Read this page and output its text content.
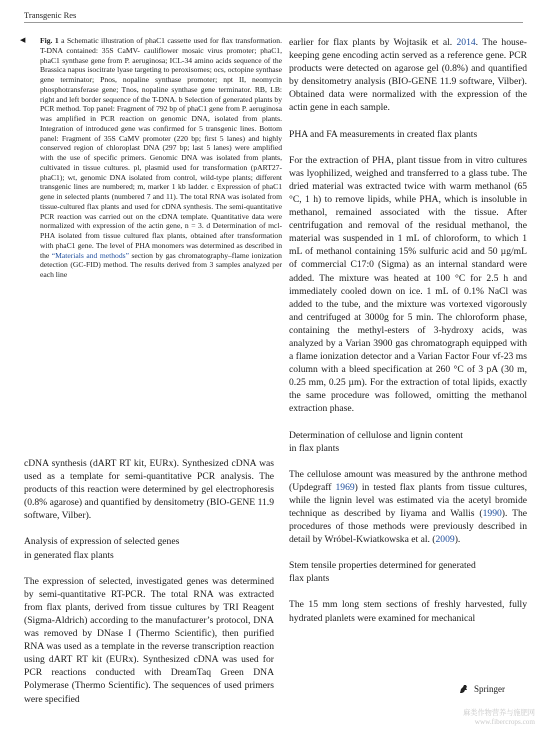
Transgenic Res
◀ Fig. 1 a Schematic illustration of phaC1 cassette used for flax transformation. T-DNA contained: 35S CaMV- cauliflower mosaic virus promoter; phaC1, phaC1 synthase gene from P. aeruginosa; ICL-34 amino acids sequence of the Brassica napus isocitrate lyase targeting to peroxisomes; ocs, octopine synthase gene terminator; Pnos, nopaline synthase promoter; npt II, neomycin phosphotransferase gene; Tnos, nopaline synthase gene terminator. RB, LB: right and left border sequence of the T-DNA. b Selection of generated plants by PCR method. Top panel: Fragment of 792 bp of phaC1 gene from P. aeruginosa was amplified in PCR reaction on genomic DNA, isolated from plants. Integration of introduced gene was confirmed for 5 transgenic lines. Bottom panel: Fragment of 35S CaMV promoter (220 bp; first 5 lanes) and highly conserved region of chloroplast DNA (297 bp; last 5 lanes) were amplified with the use of specific primers. Genomic DNA was isolated from plants, cultivated in tissue cultures. pl, plasmid used for transformation (pART27-phaC1); wt, genomic DNA isolated from control, wild-type plants; different transgenic lines are numbered; m, marker 1 kb ladder. c Expression of phaC1 gene in selected plants (numbered 7 and 11). The total RNA was isolated from tissue-cultured flax plants and used for cDNA synthesis. The semi-quantitative PCR reaction was carried out on the cDNA template. Quantitative data were normalized with expression of the actin gene, n = 3. d Determination of mcl-PHA isolated from tissue cultured flax plants, obtained after transformation with phaC1 gene. The level of PHA monomers was determined as described in the “Materials and methods” section by gas chromatography–flame ionization detection (GC-FID) method. The results derived from 3 samples analyzed per each line

cDNA synthesis (dART RT kit, EURx). Synthesized cDNA was used as a template for semi-quantitative PCR analysis. The products of this reaction were determined by gel electrophoresis (0.8% agarose) and quantified by densitometry (BIO-GENE 11.9 software, Vilber).

Analysis of expression of selected genes
in generated flax plants

The expression of selected, investigated genes was determined by semi-quantitative RT-PCR. The total RNA was extracted from flax plants, derived from tissue cultures by TRI Reagent (Sigma-Aldrich) according to the manufacturer’s protocol, DNA was removed by DNase I (Thermo Scientific), then purified RNA was used as a template in the reverse transcription reaction using dART RT kit (EURx). Synthesized cDNA was used for PCR reactions conducted with DreamTaq Green DNA Polymerase (Thermo Scientific). The sequences of used primers were specified

earlier for flax plants by Wojtasik et al. 2014. The house-keeping gene encoding actin served as a reference gene. PCR products were detected on agarose gel (0.8%) and quantified by densitometry analysis (BIO-GENE 11.9 software, Vilber). Obtained data were normalized with the expression of the actin gene in each sample.

PHA and FA measurements in created flax plants

For the extraction of PHA, plant tissue from in vitro cultures was lyophilized, weighed and transferred to a glass tube. The dried material was extracted twice with warm methanol (65 °C, 1 h) to remove lipids, while PHA, which is insoluble in methanol, remained associated with the tissue. After centrifugation and removal of the residual methanol, the material was suspended in 1 mL of chloroform, to which 1 mL of methanol containing 15% sulfuric acid and 50 µg/mL of commercial C17:0 (Sigma) as an internal standard were added. The mixture was heated at 100 °C for 2.5 h and immediately cooled down on ice. 1 mL of 0.1% NaCl was added to the tube, and the mixture was vortexed vigorously and centrifuged at 3000g for 5 min. The chloroform phase, containing the methyl-esters of 3-hydroxy acids, was analyzed by a Varian 3900 gas chromatograph equipped with a flame ionization detector and a Varian Factor Four vf-23 ms column with a bleed specification at 260 °C of 3 pA (30 m, 0.25 mm, 0.25 µm). For the extraction of total lipids, exactly the same procedure was followed, omitting the methanol extraction phase.

Determination of cellulose and lignin content
in flax plants

The cellulose amount was measured by the anthrone method (Updegraff 1969) in tested flax plants from tissue cultures, while the lignin level was estimated via the acetyl bromide technique as described by Iiyama and Wallis (1990). The procedures of those methods were previously described in detail by Wróbel-Kwiatkowska et al. (2009).

Stem tensile properties determined for generated
flax plants

The 15 mm long stem sections of freshly harvested, fully hydrated planlets were examined for mechanical

Springer
麻类作物营养与施肥网
www.fibercrops.com
